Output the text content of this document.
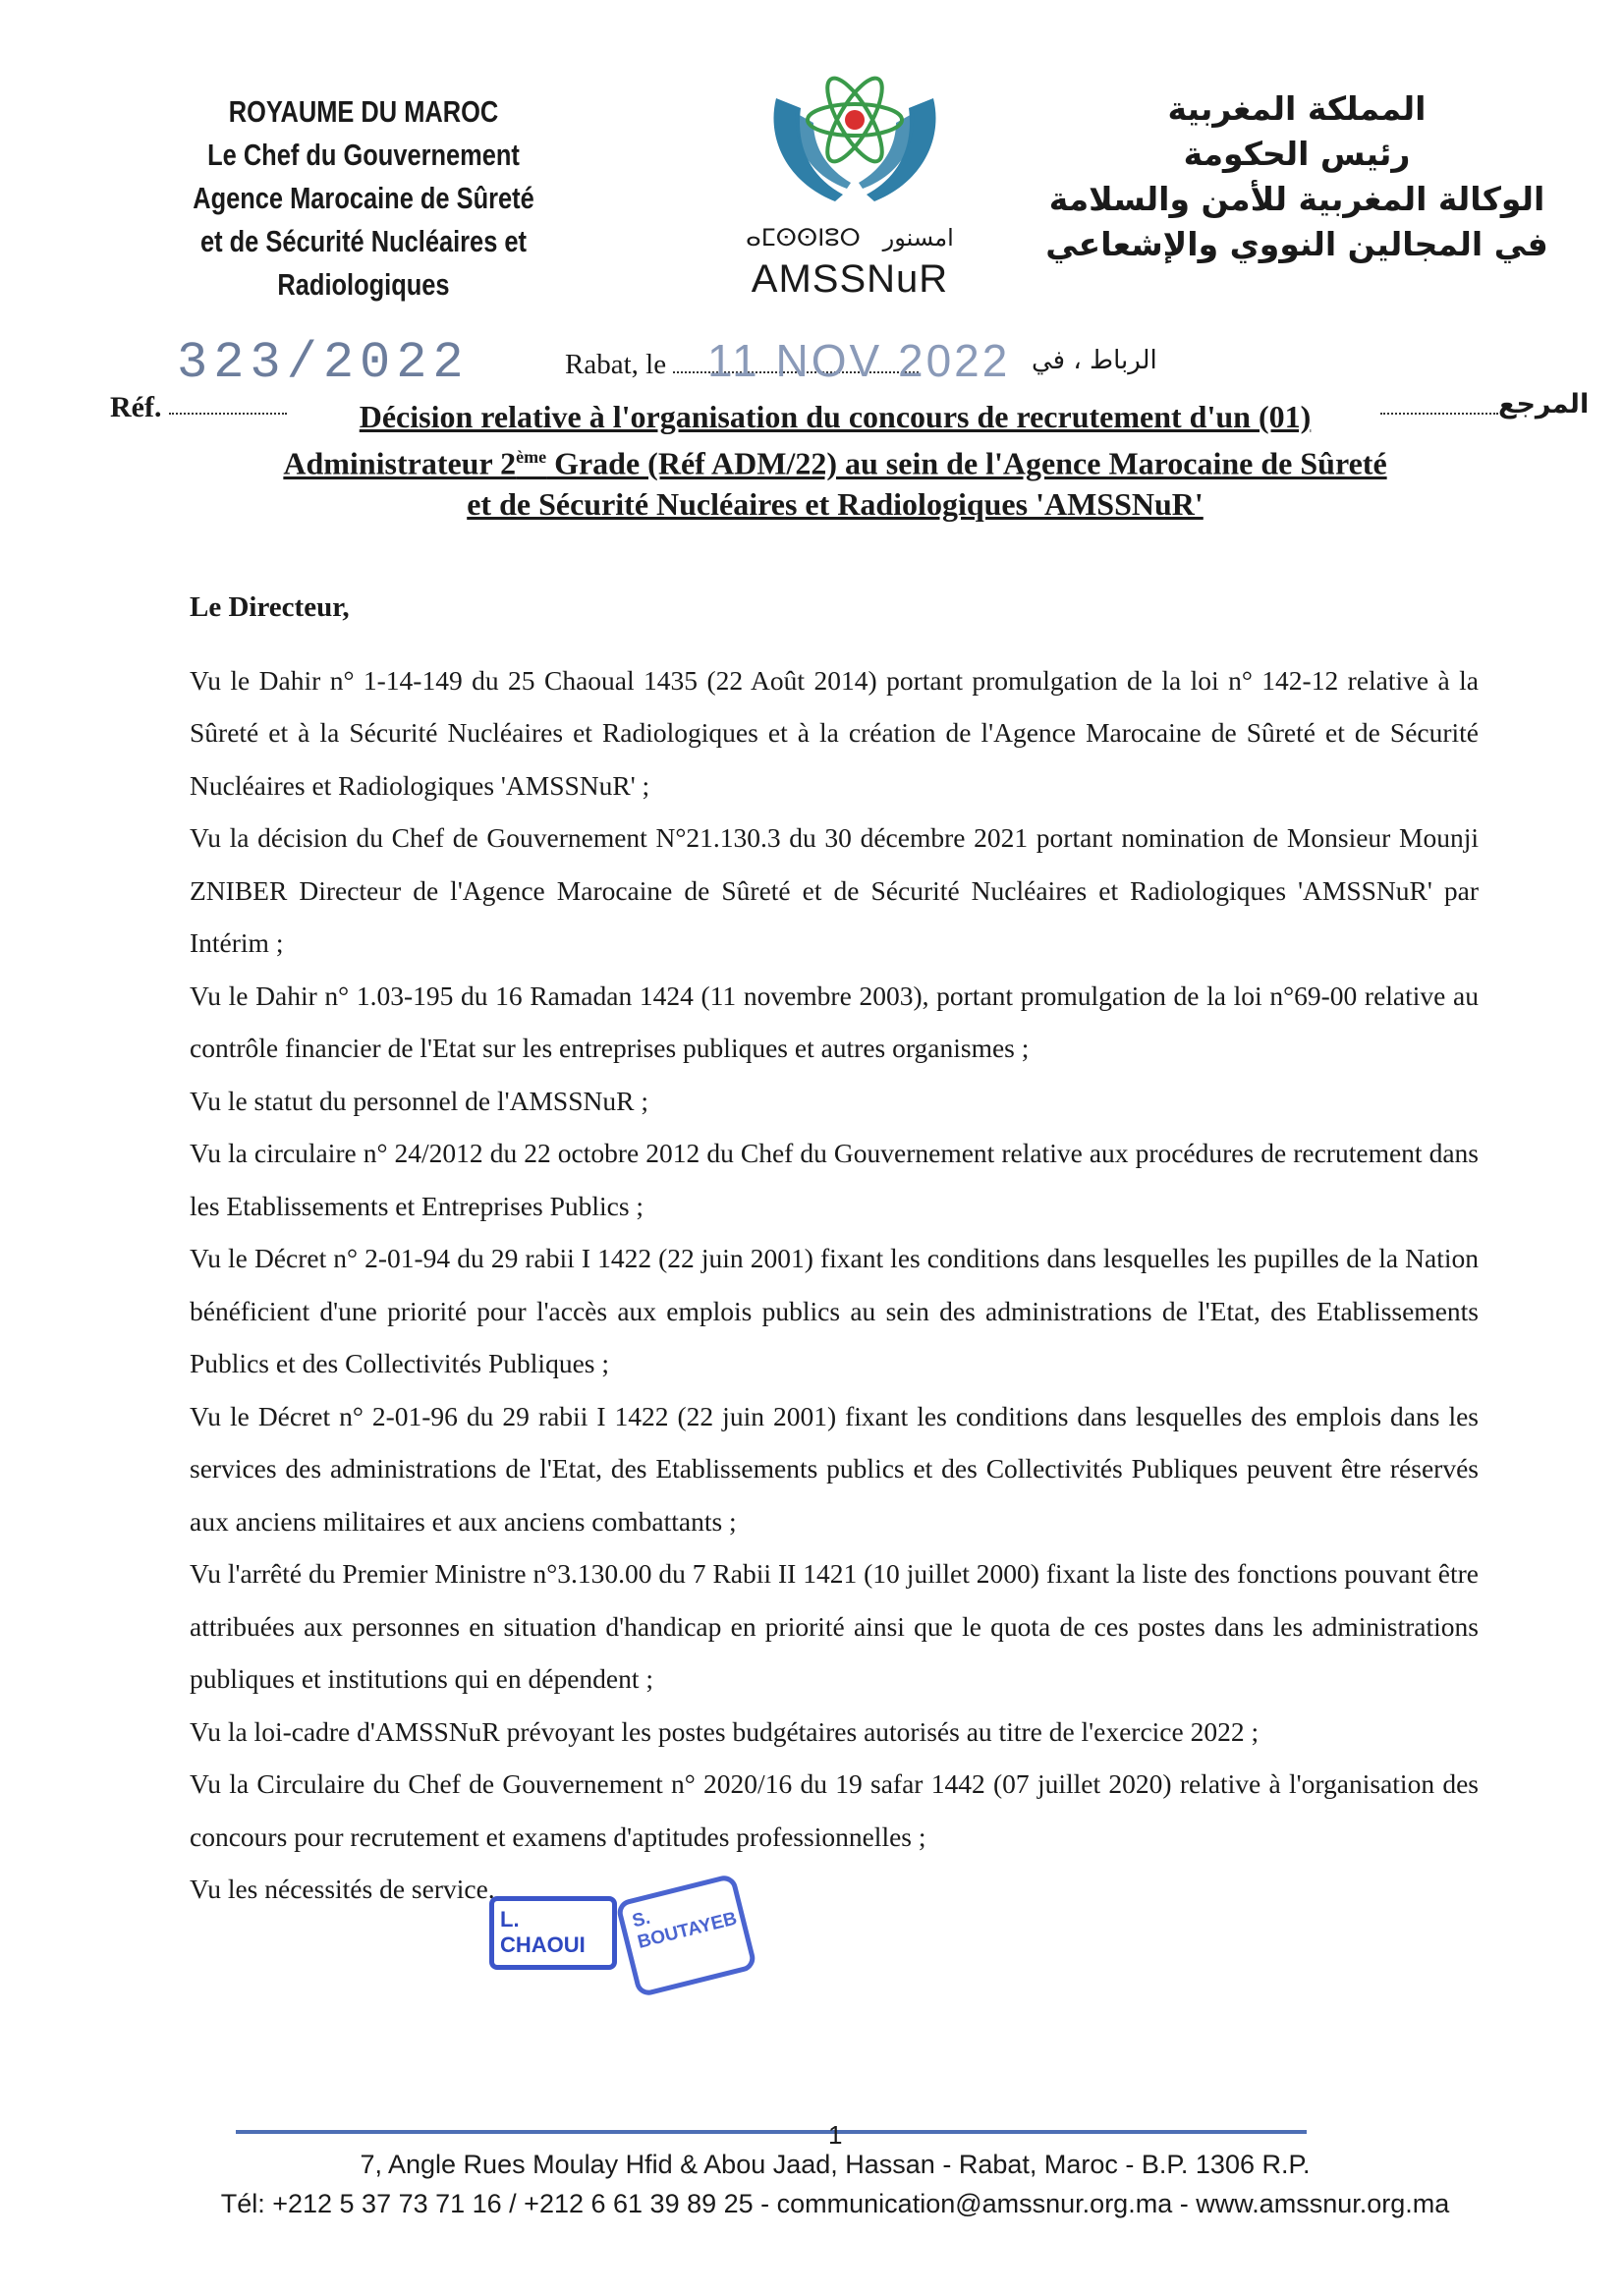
ROYAUME DU MAROC
Le Chef du Gouvernement
Agence Marocaine de Sûreté
et de Sécurité Nucléaires et Radiologiques
ⴰⵎⵙⵙⵏⵓⵔ امسنور
AMSSNuR
المملكة المغربية
رئيس الحكومة
الوكالة المغربية للأمن والسلامة
في المجالين النووي والإشعاعي
323/2022	Rabat, le 11 NOV 2022 الرباط ، في
Réf.	المرجع
Décision relative à l'organisation du concours de recrutement d'un (01)
Administrateur 2ème Grade (Réf ADM/22) au sein de l'Agence Marocaine de Sûreté
et de Sécurité Nucléaires et Radiologiques 'AMSSNuR'

Le Directeur,

Vu le Dahir n° 1-14-149 du 25 Chaoual 1435 (22 Août 2014) portant promulgation de la loi n° 142-12 relative à la Sûreté et à la Sécurité Nucléaires et Radiologiques et à la création de l'Agence Marocaine de Sûreté et de Sécurité Nucléaires et Radiologiques 'AMSSNuR' ;

Vu la décision du Chef de Gouvernement N°21.130.3 du 30 décembre 2021 portant nomination de Monsieur Mounji ZNIBER Directeur de l'Agence Marocaine de Sûreté et de Sécurité Nucléaires et Radiologiques 'AMSSNuR' par Intérim ;

Vu le Dahir n° 1.03-195 du 16 Ramadan 1424 (11 novembre 2003), portant promulgation de la loi n°69-00 relative au contrôle financier de l'Etat sur les entreprises publiques et autres organismes ;

Vu le statut du personnel de l'AMSSNuR ;

Vu la circulaire n° 24/2012 du 22 octobre 2012 du Chef du Gouvernement relative aux procédures de recrutement dans les Etablissements et Entreprises Publics ;

Vu le Décret n° 2-01-94 du 29 rabii I 1422 (22 juin 2001) fixant les conditions dans lesquelles les pupilles de la Nation bénéficient d'une priorité pour l'accès aux emplois publics au sein des administrations de l'Etat, des Etablissements Publics et des Collectivités Publiques ;

Vu le Décret n° 2-01-96 du 29 rabii I 1422 (22 juin 2001) fixant les conditions dans lesquelles des emplois dans les services des administrations de l'Etat, des Etablissements publics et des Collectivités Publiques peuvent être réservés aux anciens militaires et aux anciens combattants ;

Vu l'arrêté du Premier Ministre n°3.130.00 du 7 Rabii II 1421 (10 juillet 2000) fixant la liste des fonctions pouvant être attribuées aux personnes en situation d'handicap en priorité ainsi que le quota de ces postes dans les administrations publiques et institutions qui en dépendent ;

Vu la loi-cadre d'AMSSNuR prévoyant les postes budgétaires autorisés au titre de l'exercice 2022 ;

Vu la Circulaire du Chef de Gouvernement n° 2020/16 du 19 safar 1442 (07 juillet 2020) relative à l'organisation des concours pour recrutement et examens d'aptitudes professionnelles ;

Vu les nécessités de service.

L. CHAOUI
S. BOUTAYEB
1
7, Angle Rues Moulay Hfid & Abou Jaad, Hassan - Rabat, Maroc - B.P. 1306 R.P.
Tél: +212 5 37 73 71 16 / +212 6 61 39 89 25 - communication@amssnur.org.ma - www.amssnur.org.ma
